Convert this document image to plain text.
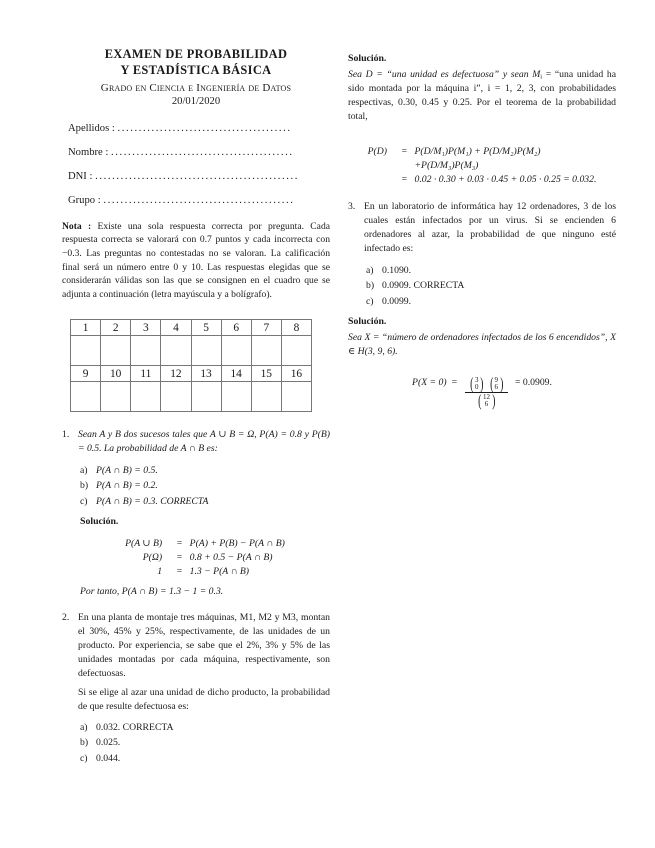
EXAMEN DE PROBABILIDAD
Y ESTADÍSTICA BÁSICA
Grado en Ciencia e Ingeniería de Datos
20/01/2020
Apellidos : .........................................
Nombre : ...........................................
DNI : ................................................
Grupo : .............................................
Nota : Existe una sola respuesta correcta por pregunta. Cada respuesta correcta se valorará con 0.7 puntos y cada incorrecta con −0.3. Las preguntas no contestadas no se valoran. La calificación final será un número entre 0 y 10. Las respuestas elegidas que se considerarán válidas son las que se consignen en el cuadro que se adjunta a continuación (letra mayúscula y a bolígrafo).
1	2	3	4	5	6	7	8

9	10	11	12	13	14	15	16

1. Sean A y B dos sucesos tales que A ∪ B = Ω, P(A) = 0.8 y P(B) = 0.5. La probabilidad de A ∩ B es:

a) P(A ∩ B) = 0.5.
b) P(A ∩ B) = 0.2.
c) P(A ∩ B) = 0.3. CORRECTA
Solución.
P(A ∪ B)	=	P(A) + P(B) − P(A ∩ B)
P(Ω)	=	0.8 + 0.5 − P(A ∩ B)
1	=	1.3 − P(A ∩ B)
Por tanto, P(A ∩ B) = 1.3 − 1 = 0.3.
2. En una planta de montaje tres máquinas, M1, M2 y M3, montan el 30%, 45% y 25%, respectivamente, de las unidades de un producto. Por experiencia, se sabe que el 2%, 3% y 5% de las unidades montadas por cada máquina, respectivamente, son defectuosas.

Si se elige al azar una unidad de dicho producto, la probabilidad de que resulte defectuosa es:

a) 0.032. CORRECTA
b) 0.025.
c) 0.044.
Solución.
Sea D = “una unidad es defectuosa” y sean $M_i$ = “una unidad ha sido montada por la máquina i”, i = 1, 2, 3, con probabilidades respectivas, 0.30, 0.45 y 0.25. Por el teorema de la probabilidad total,
P(D)	=	P(D/M₁)P(M₁) + P(D/M₂)P(M₂)
		+P(D/M₃)P(M₃)
	=	0.02 · 0.30 + 0.03 · 0.45 + 0.05 · 0.25 = 0.032.
3. En un laboratorio de informática hay 12 ordenadores, 3 de los cuales están infectados por un virus. Si se encienden 6 ordenadores al azar, la probabilidad de que ninguno esté infectado es:

a) 0.1090.
b) 0.0909. CORRECTA
c) 0.0099.
Solución.
Sea X = “número de ordenadores infectados de los 6 encendidos”, X ∈ H(3, 9, 6).
P(X = 0) = ( 3
0) ( 9
6)
( 12
6 )
= 0.0909.
